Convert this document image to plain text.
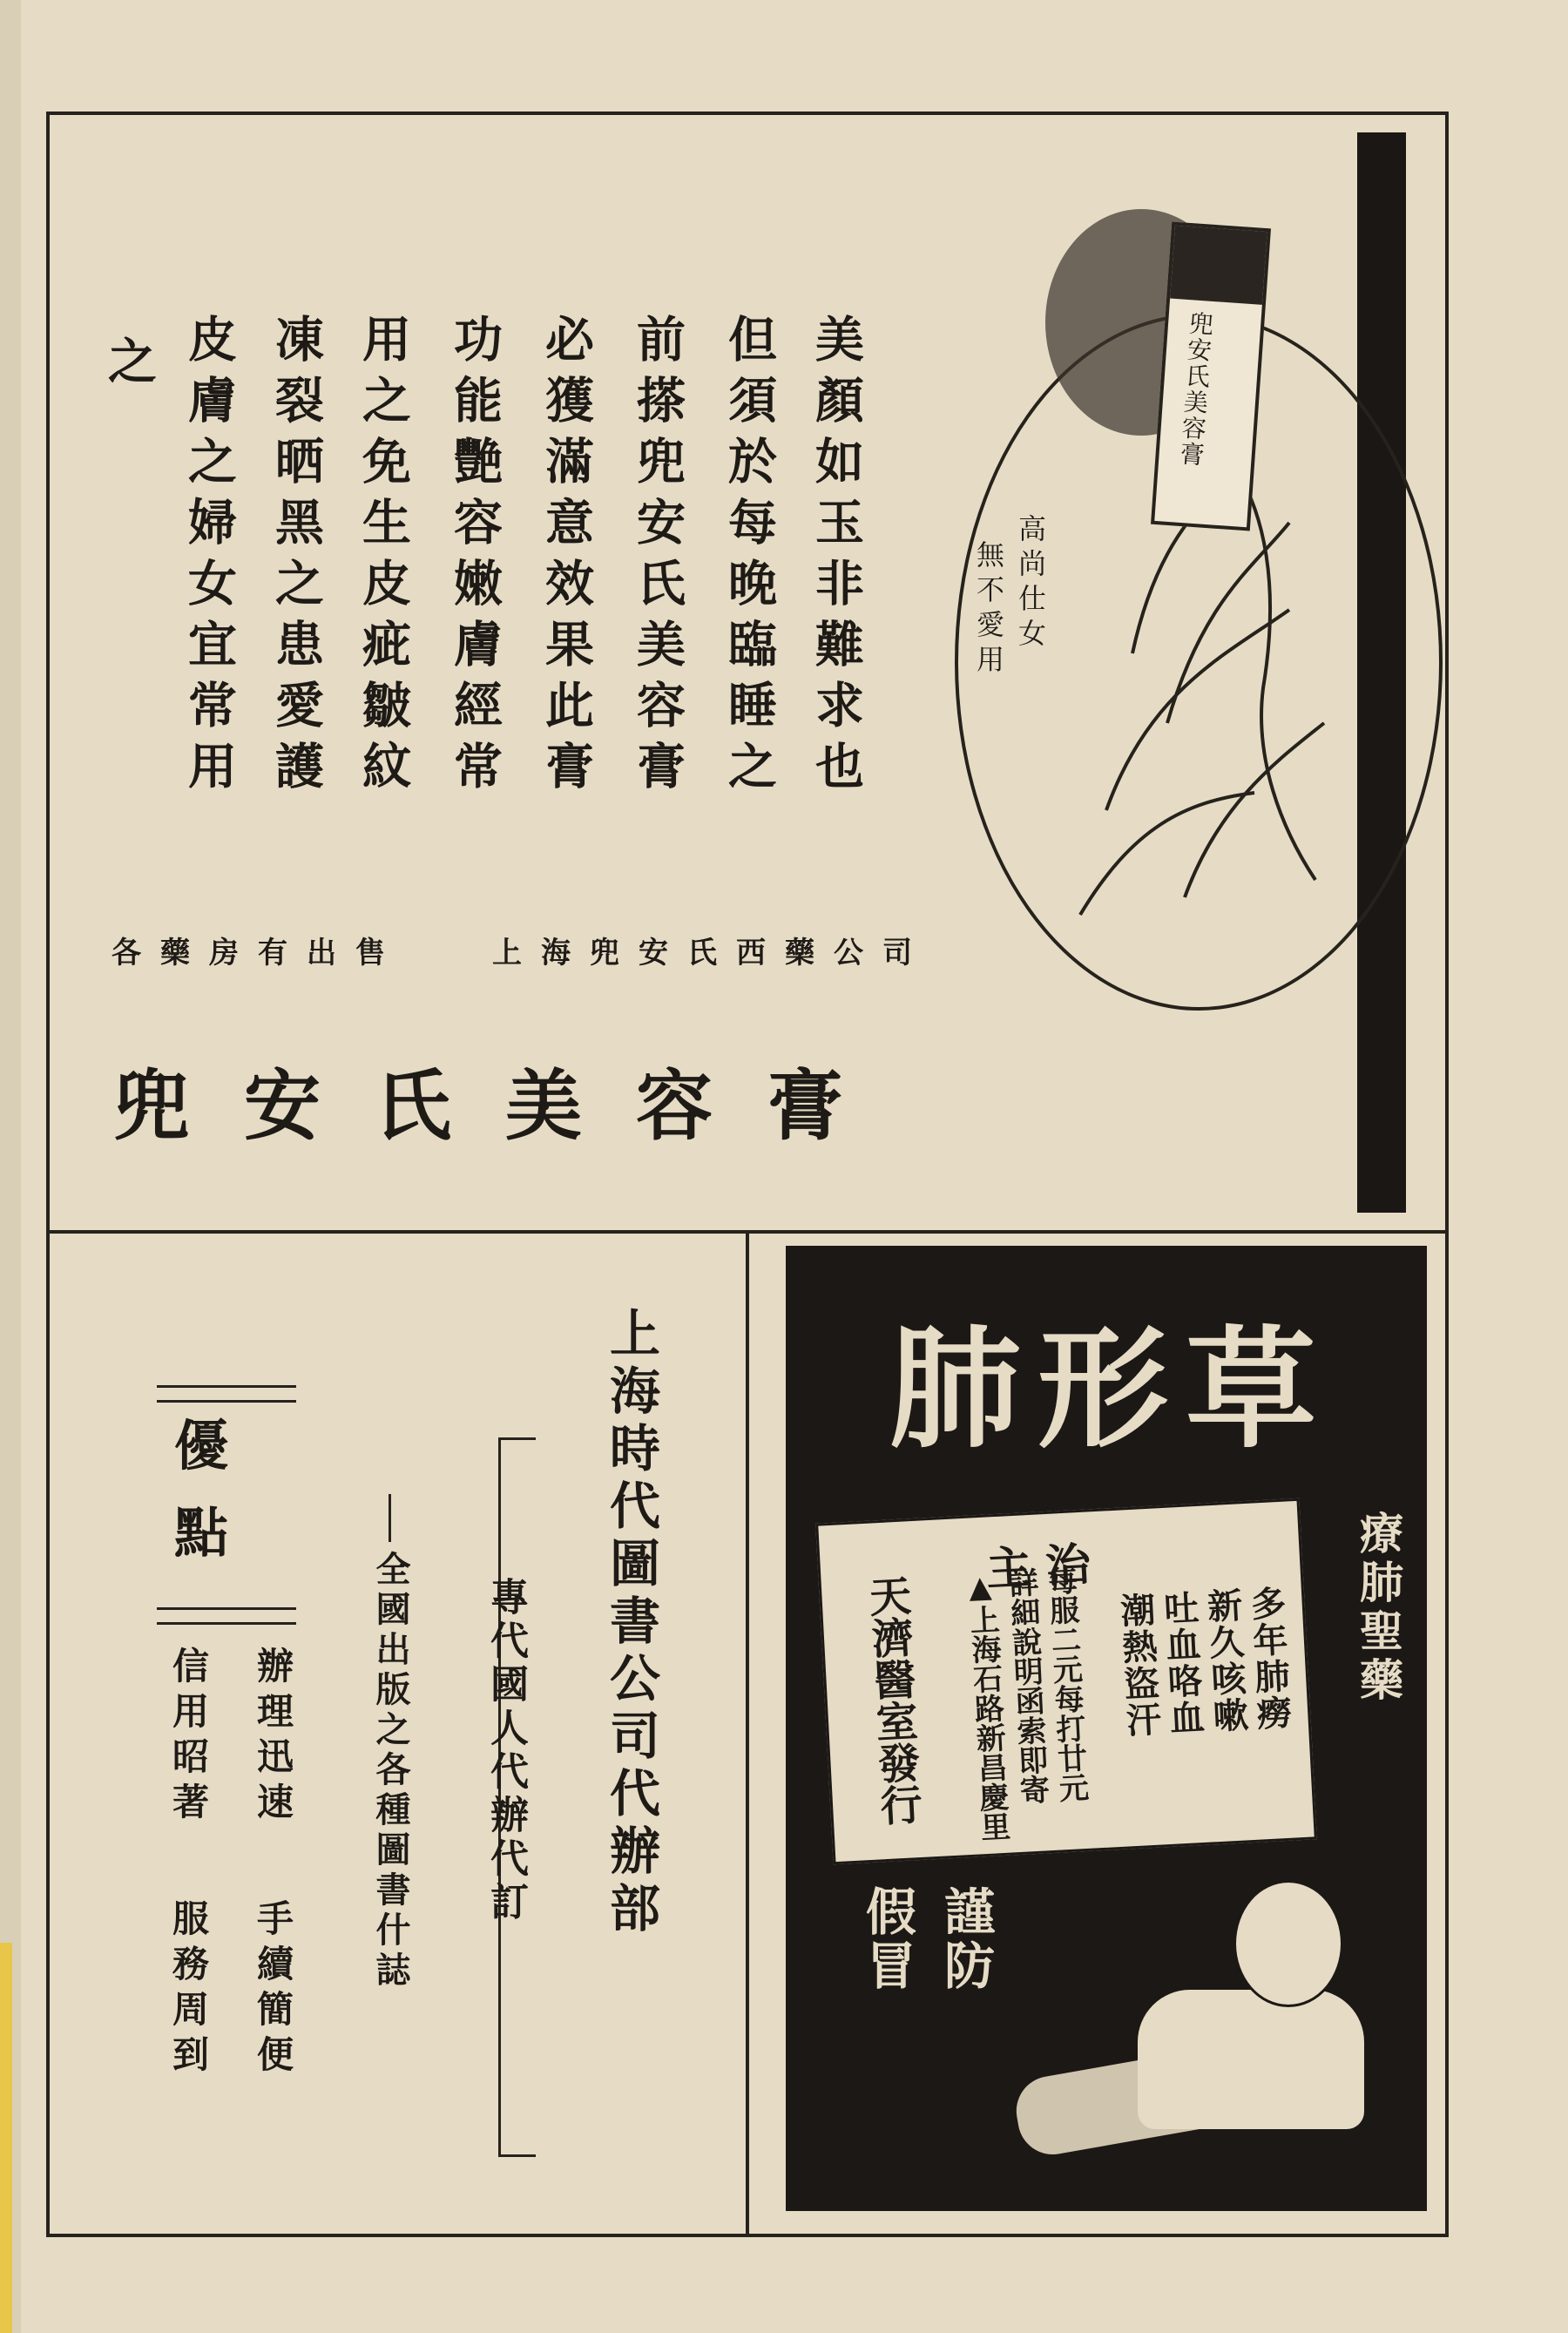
美顏如玉非難求也
但須於每晚臨睡之
前搽兜安氏美容膏
必獲滿意效果此膏
功能艷容嫩膚經常
用之免生皮疵皺紋
凍裂晒黑之患愛護
皮膚之婦女宜常用
之
上海兜安氏西藥公司
各藥房有出售
兜安氏美容膏
兜安氏美容膏
高尚仕女
無不愛用
上海時代圖書公司代辦部
專代國人代辦代訂
全國出版之各種圖書什誌
優點
辦理迅速
手續簡便
信用昭著
服務周到
肺形草
療肺聖藥
主治
多年肺癆
新久咳嗽
吐血咯血
潮熱盜汗
每服二元每打廿元
詳細說明函索即寄
▲上海石路新昌慶里
天濟醫室發行
謹防
假冒
